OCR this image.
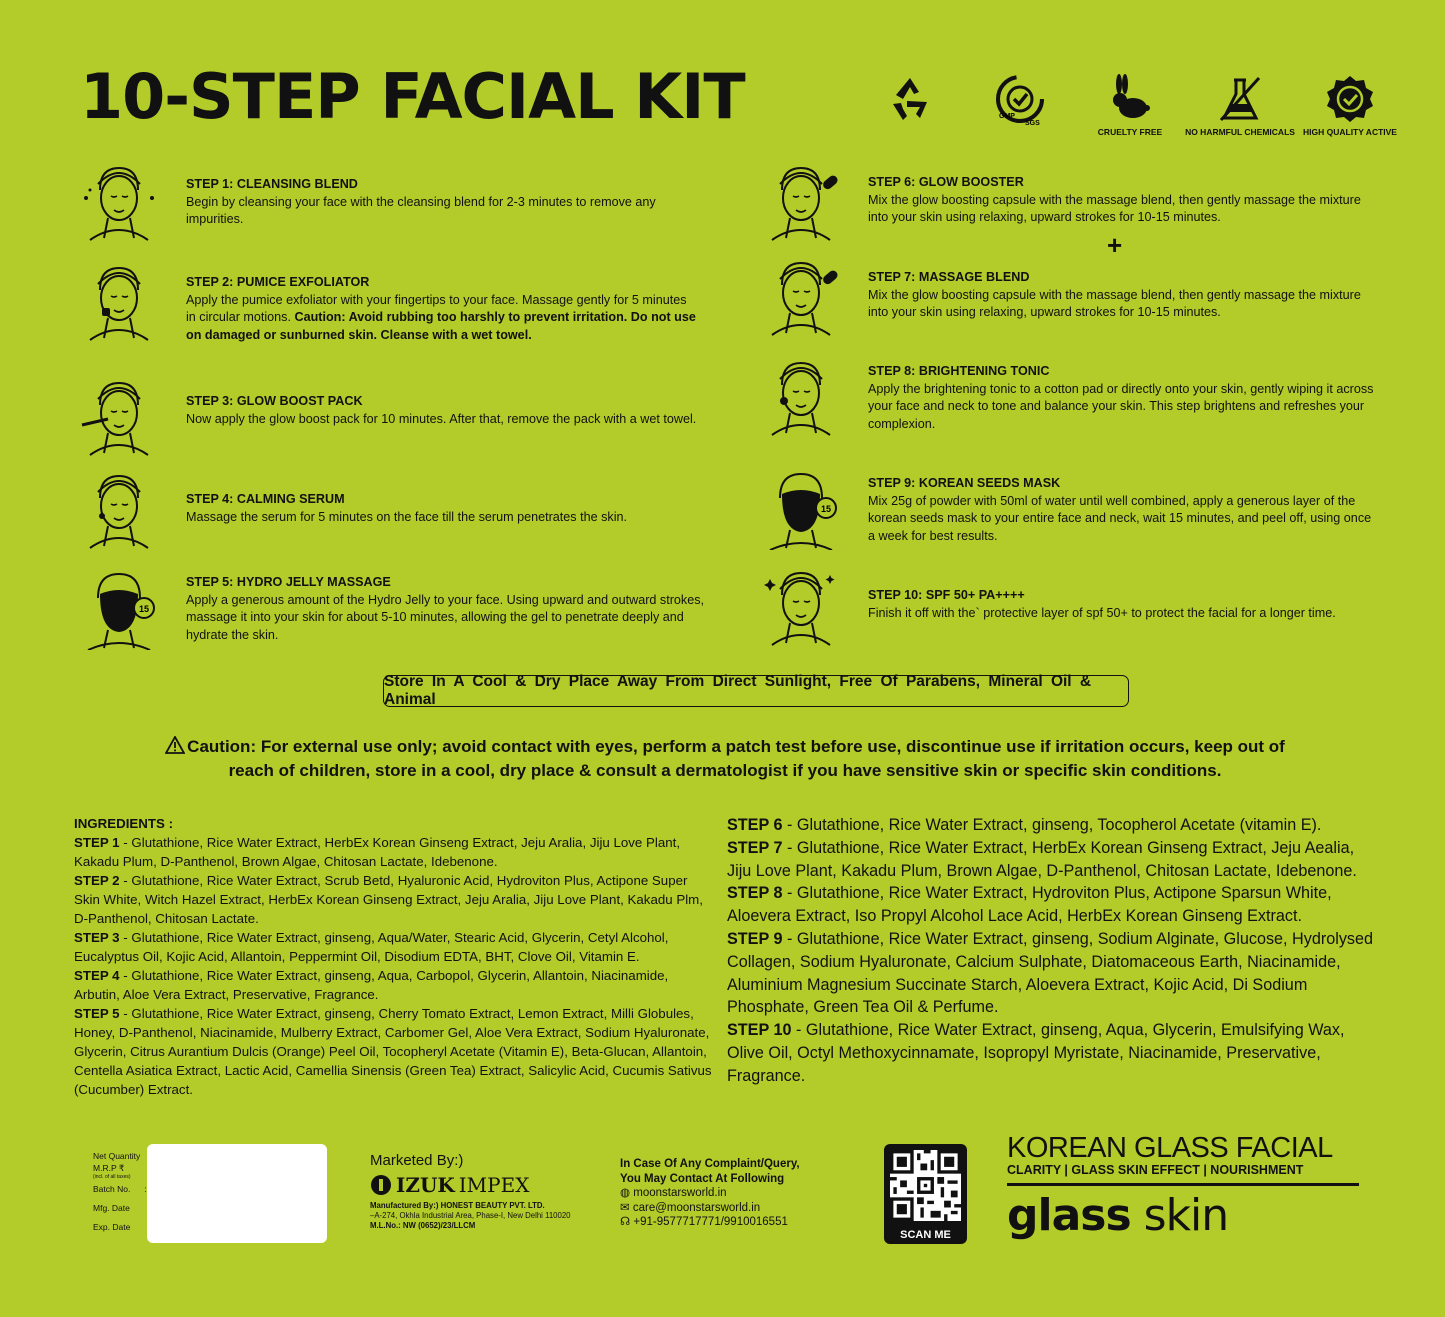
10-STEP FACIAL KIT	GMP
SGS
CRUELTY FREE	NO HARMFUL CHEMICALS HIGH QUALITY ACTIVE
STEP 1: CLEANSING BLEND
Begin by cleansing your face with the cleansing blend for 2-3 minutes to remove any impurities.
STEP 2: PUMICE EXFOLIATOR
Apply the pumice exfoliator with your fingertips to your face. Massage gently for 5 minutes in circular motions. Caution: Avoid rubbing too harshly to prevent irritation. Do not use on damaged or sunburned skin. Cleanse with a wet towel.
STEP 3: GLOW BOOST PACK
Now apply the glow boost pack for 10 minutes. After that, remove the pack with a wet towel.
STEP 4: CALMING SERUM
Massage the serum for 5 minutes on the face till the serum penetrates the skin.
15
STEP 5: HYDRO JELLY MASSAGE
Apply a generous amount of the Hydro Jelly to your face. Using upward and outward strokes, massage it into your skin for about 5-10 minutes, allowing the gel to penetrate deeply and hydrate the skin.
STEP 6: GLOW BOOSTER
Mix the glow boosting capsule with the massage blend, then gently massage the mixture into your skin using relaxing, upward strokes for 10-15 minutes.
+
STEP 7: MASSAGE BLEND
Mix the glow boosting capsule with the massage blend, then gently massage the mixture into your skin using relaxing, upward strokes for 10-15 minutes.
STEP 8: BRIGHTENING TONIC
Apply the brightening tonic to a cotton pad or directly onto your skin, gently wiping it across your face and neck to tone and balance your skin. This step brightens and refreshes your complexion.
15
STEP 9: KOREAN SEEDS MASK
Mix 25g of powder with 50ml of water until well combined, apply a generous layer of the korean seeds mask to your entire face and neck, wait 15 minutes, and peel off, using once a week for best results.
STEP 10: SPF 50+ PA++++
Finish it off with the` protective layer of spf 50+ to protect the facial for a longer time.
Store In A Cool & Dry Place Away From Direct Sunlight, Free Of Parabens, Mineral Oil & Animal
Caution: For external use only; avoid contact with eyes, perform a patch test before use, discontinue use if irritation occurs, keep out of reach of children, store in a cool, dry place & consult a dermatologist if you have sensitive skin or specific skin conditions.
INGREDIENTS :
STEP 1 - Glutathione, Rice Water Extract, HerbEx Korean Ginseng Extract, Jeju Aralia, Jiju Love Plant, Kakadu Plum, D-Panthenol, Brown Algae, Chitosan Lactate, Idebenone.
STEP 2 - Glutathione, Rice Water Extract, Scrub Betd, Hyaluronic Acid, Hydroviton Plus, Actipone Super Skin White, Witch Hazel Extract, HerbEx Korean Ginseng Extract, Jeju Aralia, Jiju Love Plant, Kakadu Plm, D-Panthenol, Chitosan Lactate.
STEP 3 - Glutathione, Rice Water Extract, ginseng, Aqua/Water, Stearic Acid, Glycerin, Cetyl Alcohol, Eucalyptus Oil, Kojic Acid, Allantoin, Peppermint Oil, Disodium EDTA, BHT, Clove Oil, Vitamin E.
STEP 4 - Glutathione, Rice Water Extract, ginseng, Aqua, Carbopol, Glycerin, Allantoin, Niacinamide, Arbutin, Aloe Vera Extract, Preservative, Fragrance.
STEP 5 - Glutathione, Rice Water Extract, ginseng, Cherry Tomato Extract, Lemon Extract, Milli Globules, Honey, D-Panthenol, Niacinamide, Mulberry Extract, Carbomer Gel, Aloe Vera Extract, Sodium Hyaluronate, Glycerin, Citrus Aurantium Dulcis (Orange) Peel Oil, Tocopheryl Acetate (Vitamin E), Beta-Glucan, Allantoin, Centella Asiatica Extract, Lactic Acid, Camellia Sinensis (Green Tea) Extract, Salicylic Acid, Cucumis Sativus (Cucumber) Extract.
STEP 6 - Glutathione, Rice Water Extract, ginseng, Tocopherol Acetate (vitamin E).
STEP 7 - Glutathione, Rice Water Extract, HerbEx Korean Ginseng Extract, Jeju Aealia, Jiju Love Plant, Kakadu Plum, Brown Algae, D-Panthenol, Chitosan Lactate, Idebenone.
STEP 8 - Glutathione, Rice Water Extract, Hydroviton Plus, Actipone Sparsun White, Aloevera Extract, Iso Propyl Alcohol Lace Acid, HerbEx Korean Ginseng Extract.
STEP 9 - Glutathione, Rice Water Extract, ginseng, Sodium Alginate, Glucose, Hydrolysed Collagen, Sodium Hyaluronate, Calcium Sulphate, Diatomaceous Earth, Niacinamide, Aluminium Magnesium Succinate Starch, Aloevera Extract, Kojic Acid, Di Sodium Phosphate, Green Tea Oil & Perfume.
STEP 10 - Glutathione, Rice Water Extract, ginseng, Aqua, Glycerin, Emulsifying Wax, Olive Oil, Octyl Methoxycinnamate, Isopropyl Myristate, Niacinamide, Preservative, Fragrance.
Net Quantity
M.R.P ₹
(incl. of all taxes)
Batch No. :
Mfg. Date
Exp. Date
Marketed By:)
IZUK IMPEX
Manufactured By:) HONEST BEAUTY PVT. LTD.
–A-274, Okhla Industrial Area, Phase-I, New Delhi 110020
M.L.No.: NW (0652)/23/LLCM
In Case Of Any Complaint/Query,
You May Contact At Following
◍ moonstarsworld.in
✉ care@moonstarsworld.in
☊ +91-9577717771/9910016551
SCAN ME
KOREAN GLASS FACIAL
CLARITY | GLASS SKIN EFFECT | NOURISHMENT
glass skin
